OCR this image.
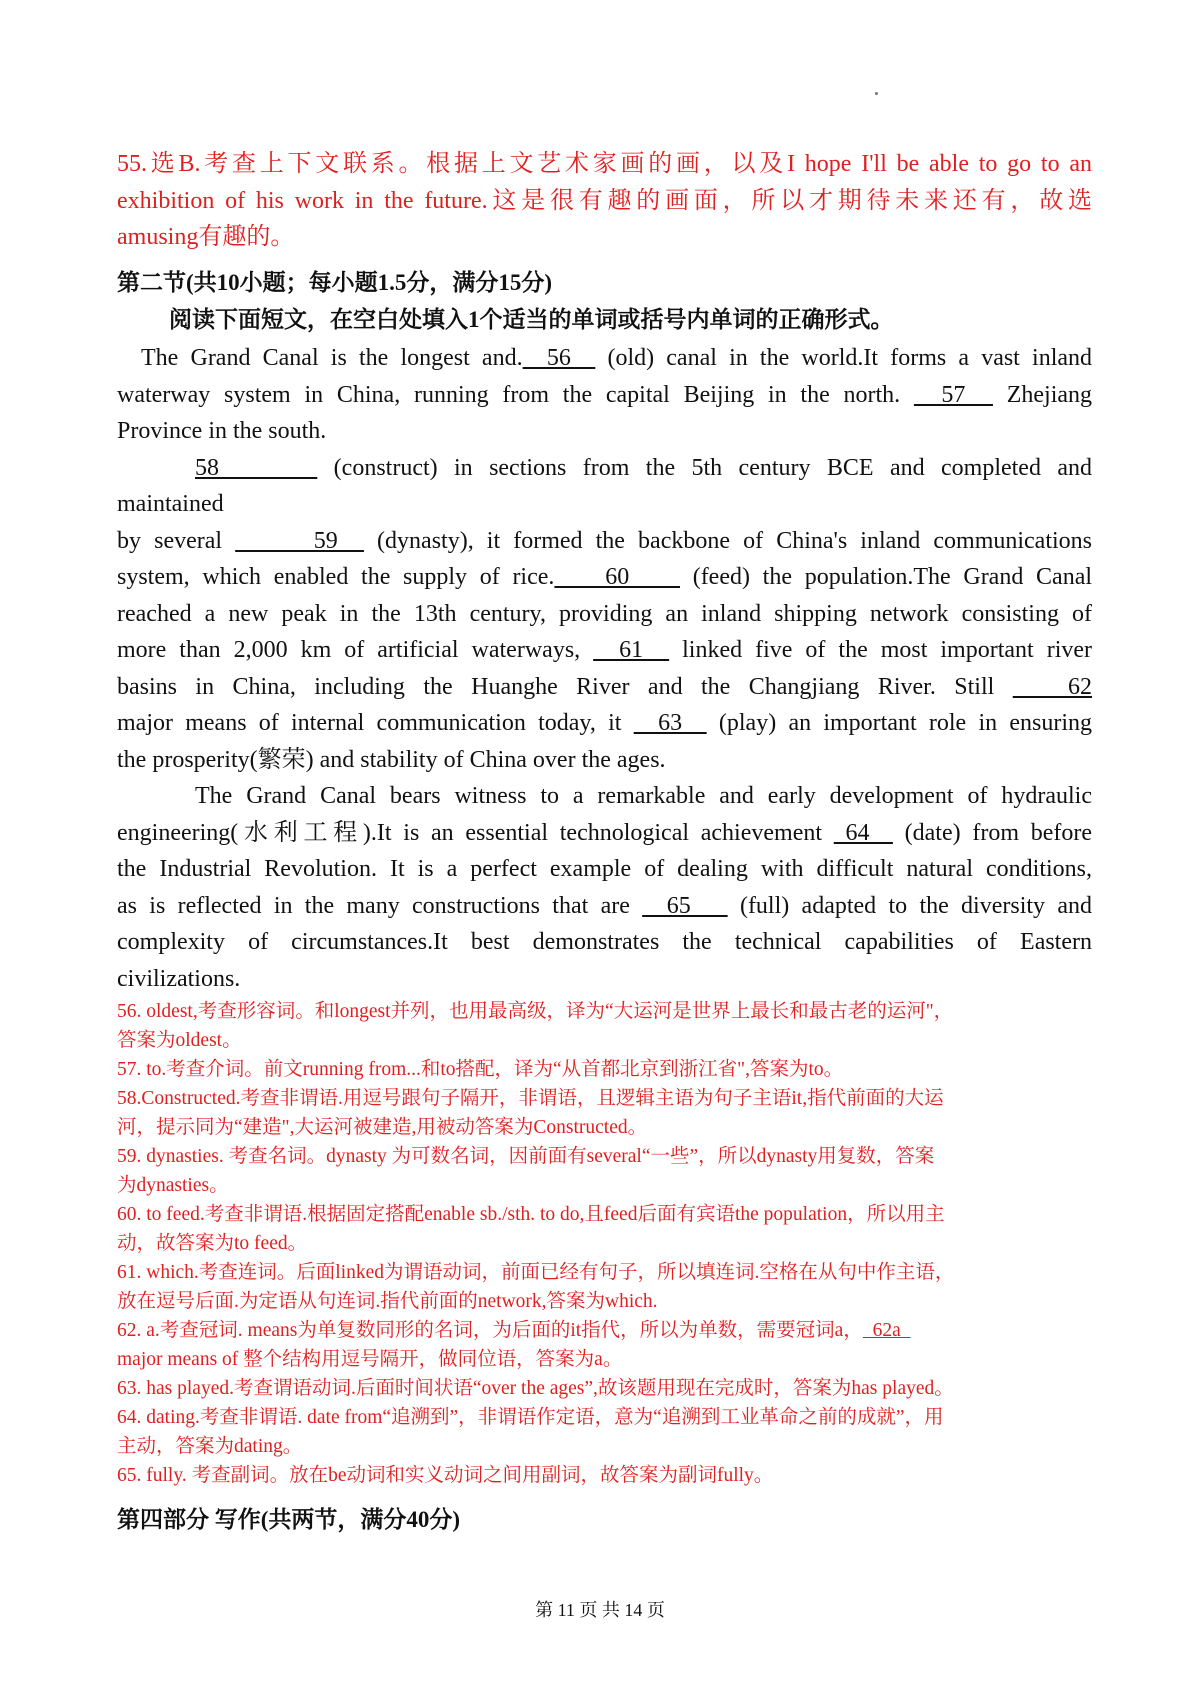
55.选B.考查上下文联系。根据上文艺术家画的画，以及I hope I'll be able to go to an
exhibition of his work in the future.这是很有趣的画面，所以才期待未来还有，故选
amusing有趣的。
第二节(共10小题；每小题1.5分，满分15分)
阅读下面短文，在空白处填入1个适当的单词或括号内单词的正确形式。
The Grand Canal is the longest and.  56   (old) canal in the world.It forms a vast inland
waterway system in China, running from the capital Beijing in the north.   57   Zhejiang
Province in the south.
58       (construct) in sections from the 5th century BCE and completed and
maintained
by several       59   (dynasty), it formed the backbone of China's inland communications
system, which enabled the supply of rice.    60     (feed) the population.The Grand Canal
reached a new peak in the 13th century, providing an inland shipping network consisting of
more than 2,000 km of artificial waterways,   61   linked five of the most important river
basins in China, including the Huanghe River and the Changjiang River. Still    62
major means of internal communication today, it   63   (play) an important role in ensuring
the prosperity(繁荣) and stability of China over the ages.
The Grand Canal bears witness to a remarkable and early development of hydraulic
engineering(水利工程).It is an essential technological achievement  64   (date) from before
the Industrial Revolution. It is a perfect example of dealing with difficult natural conditions,
as is reflected in the many constructions that are   65    (full) adapted to the diversity and
complexity of circumstances.It best demonstrates the technical capabilities of Eastern
civilizations.
56. oldest,考查形容词。和longest并列，也用最高级，译为“大运河是世界上最长和最古老的运河"，
答案为oldest。
57. to.考查介词。前文running from...和to搭配，译为“从首都北京到浙江省",答案为to。
58.Constructed.考查非谓语.用逗号跟句子隔开，非谓语，且逻辑主语为句子主语it,指代前面的大运
河，提示同为“建造",大运河被建造,用被动答案为Constructed。
59. dynasties. 考查名词。dynasty 为可数名词，因前面有several“一些”，所以dynasty用复数，答案
为dynasties。
60. to feed.考查非谓语.根据固定搭配enable sb./sth. to do,且feed后面有宾语the population，所以用主
动，故答案为to feed。
61. which.考查连词。后面linked为谓语动词，前面已经有句子，所以填连词.空格在从句中作主语，
放在逗号后面.为定语从句连词.指代前面的network,答案为which.
62. a.考查冠词. means为单复数同形的名词，为后面的it指代，所以为单数，需要冠词a，  62a
major means of 整个结构用逗号隔开，做同位语，答案为a。
63. has played.考查谓语动词.后面时间状语“over the ages”,故该题用现在完成时，答案为has played。
64. dating.考查非谓语. date from“追溯到”，非谓语作定语，意为“追溯到工业革命之前的成就”，用
主动，答案为dating。
65. fully. 考查副词。放在be动词和实义动词之间用副词，故答案为副词fully。
第四部分 写作(共两节，满分40分)
第 11 页 共 14 页
